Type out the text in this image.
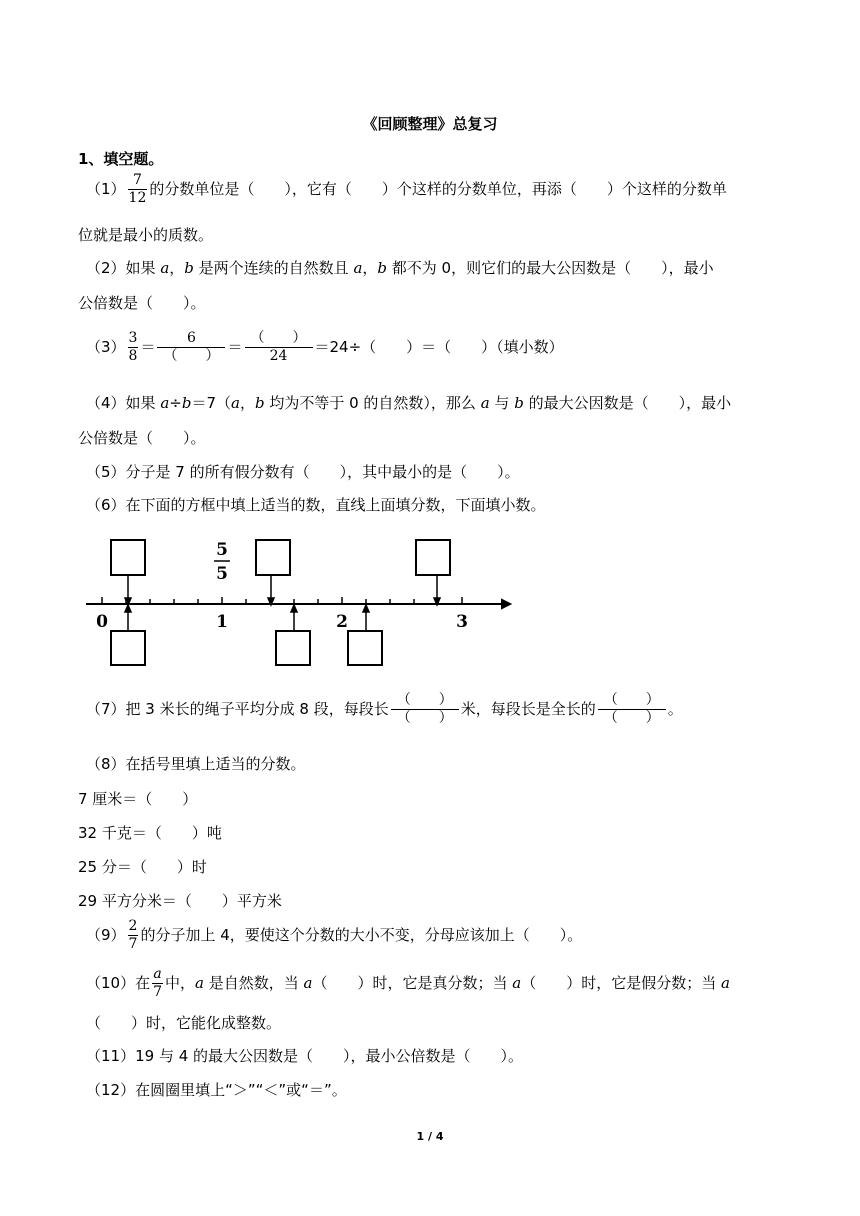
《回顾整理》总复习
1、填空题。
$(1) \frac{7}{12}$ 的分数单位是（　　），它有（　　）个这样的分数单位，再添（　　）个这样的分数单
位就是最小的质数。
（2）如果 a，b 是两个连续的自然数且 a，b 都不为 0，则它们的最大公因数是（　　），最小
公倍数是（　　）。
$(3) \frac{3}{8} = \frac{6}{( )} = \frac{( )}{24} =24\div$（　　）＝（　　）（填小数）
（4）如果 a÷b＝7（a，b 均为不等于 0 的自然数），那么 a 与 b 的最大公因数是（　　），最小
公倍数是（　　）。
（5）分子是 7 的所有假分数有（　　），其中最小的是（　　）。
（6）在下面的方框中填上适当的数，直线上面填分数，下面填小数。
5
5
0	1	2	3
（7）把 3 米长的绳子平均分成 8 段，每段长 $\frac{( )}{( )}$ 米，每段长是全长的 $\frac{( )}{( )}$ 。
（8）在括号里填上适当的分数。
7 厘米＝（　　）
32 千克＝（　　）吨
25 分＝（　　）时
29 平方分米＝（　　）平方米
$(9) \frac{2}{7}$ 的分子加上 4，要使这个分数的大小不变，分母应该加上（　　）。
（10）在 $\frac{a}{7}$ 中，a 是自然数，当 a（　　）时，它是真分数；当 a（　　）时，它是假分数；当 a
（　　）时，它能化成整数。
（11）19 与 4 的最大公因数是（　　），最小公倍数是（　　）。
（12）在圆圈里填上“＞”“＜”或“＝”。
1 / 4
